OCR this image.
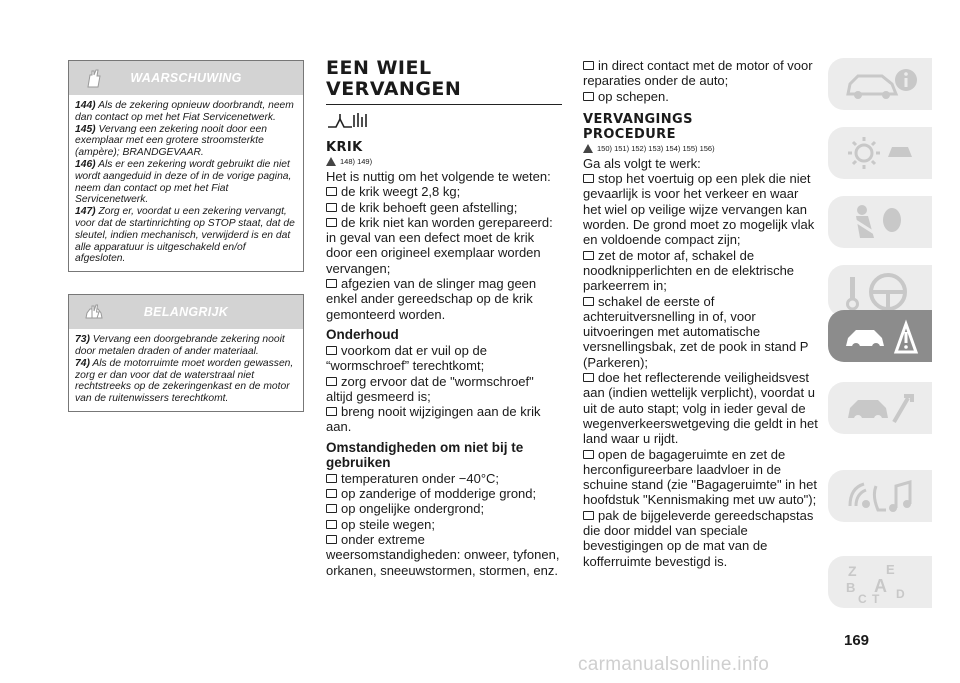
WAARSCHUWING

144) Als de zekering opnieuw doorbrandt, neem dan contact op met het Fiat Servicenetwerk.

145) Vervang een zekering nooit door een exemplaar met een grotere stroomsterkte (ampère); BRANDGEVAAR.

146) Als er een zekering wordt gebruikt die niet wordt aangeduid in deze of in de vorige pagina, neem dan contact op met het Fiat Servicenetwerk.

147) Zorg er, voordat u een zekering vervangt, voor dat de startinrichting op STOP staat, dat de sleutel, indien mechanisch, verwijderd is en dat alle apparatuur is uitgeschakeld en/of afgesloten.

BELANGRIJK

73) Vervang een doorgebrande zekering nooit door metalen draden of ander materiaal.

74) Als de motorruimte moet worden gewassen, zorg er dan voor dat de waterstraal niet rechtstreeks op de zekeringenkast en de motor van de ruitenwissers terechtkomt.

EEN WIEL
VERVANGEN
KRIK
148) 149)

Het is nuttig om het volgende te weten:

de krik weegt 2,8 kg;

de krik behoeft geen afstelling;

de krik niet kan worden gerepareerd:

in geval van een defect moet de krik door een origineel exemplaar worden vervangen;

afgezien van de slinger mag geen enkel ander gereedschap op de krik gemonteerd worden.

Onderhoud

voorkom dat er vuil op de “wormschroef” terechtkomt;

zorg ervoor dat de "wormschroef" altijd gesmeerd is;

breng nooit wijzigingen aan de krik aan.

Omstandigheden om niet bij te gebruiken

temperaturen onder −40°C;

op zanderige of modderige grond;

op ongelijke ondergrond;

op steile wegen;

onder extreme

weersomstandigheden: onweer, tyfonen, orkanen, sneeuwstormen, stormen, enz.

in direct contact met de motor of voor reparaties onder de auto;

op schepen.

VERVANGINGS
PROCEDURE
150) 151) 152) 153) 154) 155) 156)

Ga als volgt te werk:

stop het voertuig op een plek die niet gevaarlijk is voor het verkeer en waar het wiel op veilige wijze vervangen kan worden. De grond moet zo mogelijk vlak en voldoende compact zijn;

zet de motor af, schakel de noodknipperlichten en de elektrische parkeerrem in;

schakel de eerste of achteruitversnelling in of, voor uitvoeringen met automatische versnellingsbak, zet de pook in stand P (Parkeren);

doe het reflecterende veiligheidsvest aan (indien wettelijk verplicht), voordat u uit de auto stapt; volg in ieder geval de wegenverkeerswetgeving die geldt in het land waar u rijdt.

open de bagageruimte en zet de herconfigureerbare laadvloer in de schuine stand (zie "Bagageruimte" in het hoofdstuk "Kennismaking met uw auto");

pak de bijgeleverde gereedschapstas die door middel van speciale bevestigingen op de mat van de kofferruimte bevestigd is.

Z E
B A
C T D
169
carmanualsonline.info
